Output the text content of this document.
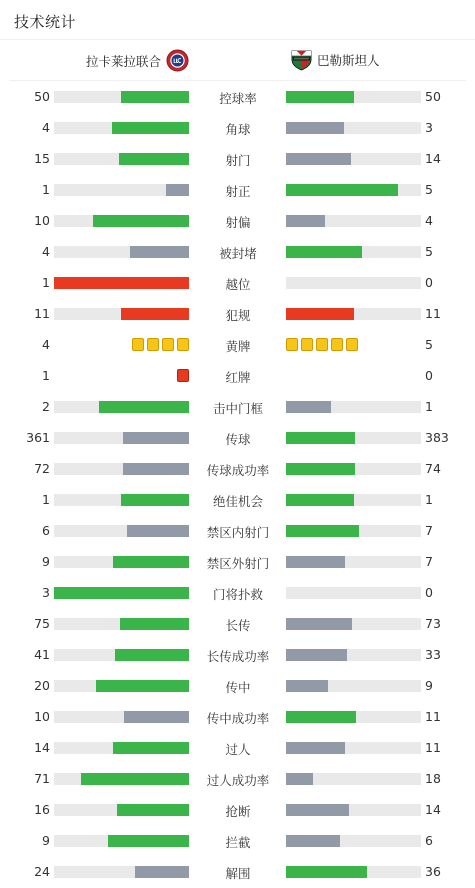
技术统计
拉卡莱拉联合	巴勒斯坦人
50	控球率	50
4	角球	3
15	射门	14
1	射正	5
10	射偏	4
4	被封堵	5
1	越位	0
11	犯规	11
4	黄牌	5
1	红牌	0
2	击中门框	1
361	传球	383
72	传球成功率	74
1	绝佳机会	1
6	禁区内射门	7
9	禁区外射门	7
3	门将扑救	0
75	长传	73
41	长传成功率	33
20	传中	9
10	传中成功率	11
14	过人	11
71	过人成功率	18
16	抢断	14
9	拦截	6
24	解围	36
